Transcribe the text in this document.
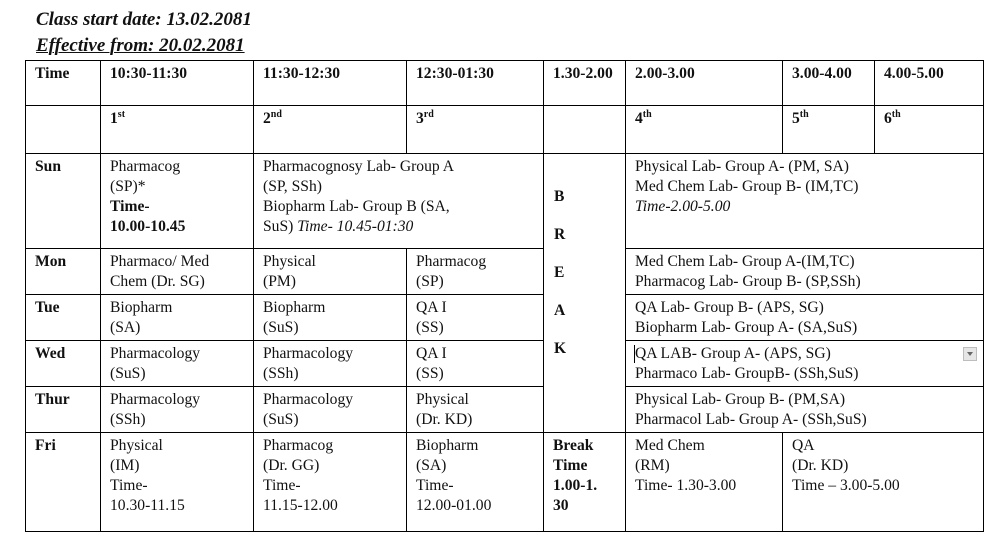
Class start date: 13.02.2081
Effective from: 20.02.2081
Time	10:30-11:30	11:30-12:30	12:30-01:30	1.30-2.00	2.00-3.00	3.00-4.00	4.00-5.00
	1st	2nd	3rd		4th	5th	6th
Sun	Pharmacog
(SP)*
Time-
10.00-10.45	Pharmacognosy Lab- Group A
(SP, SSh)
Biopharm Lab- Group B (SA,
SuS) Time- 10.45-01:30		B
R
E
A
K	Physical Lab- Group A- (PM, SA)
Med Chem Lab- Group B- (IM,TC)
Time-2.00-5.00		

Mon	Pharmaco/ Med
Chem (Dr. SG)	Physical
(PM)	Pharmacog
(SP)		Med Chem Lab- Group A-(IM,TC)
Pharmacog Lab- Group B- (SP,SSh)		

Tue	Biopharm
(SA)	Biopharm
(SuS)	QA I
(SS)		QA Lab- Group B- (APS, SG)
Biopharm Lab- Group A- (SA,SuS)		

Wed	Pharmacology
(SuS)	Pharmacology
(SSh)	QA I
(SS)		QA LAB- Group A- (APS, SG)
Pharmaco Lab- GroupB- (SSh,SuS)		

Thur	Pharmacology
(SSh)	Pharmacology
(SuS)	Physical
(Dr. KD)		Physical Lab- Group B- (PM,SA)
Pharmacol Lab- Group A- (SSh,SuS)		

Fri	Physical
(IM)
Time-
10.30-11.15	Pharmacog
(Dr. GG)
Time-
11.15-12.00	Biopharm
(SA)
Time-
12.00-01.00	Break
Time
1.00-1.
30	Med Chem
(RM)
Time- 1.30-3.00	QA
(Dr. KD)
Time – 3.00-5.00	
